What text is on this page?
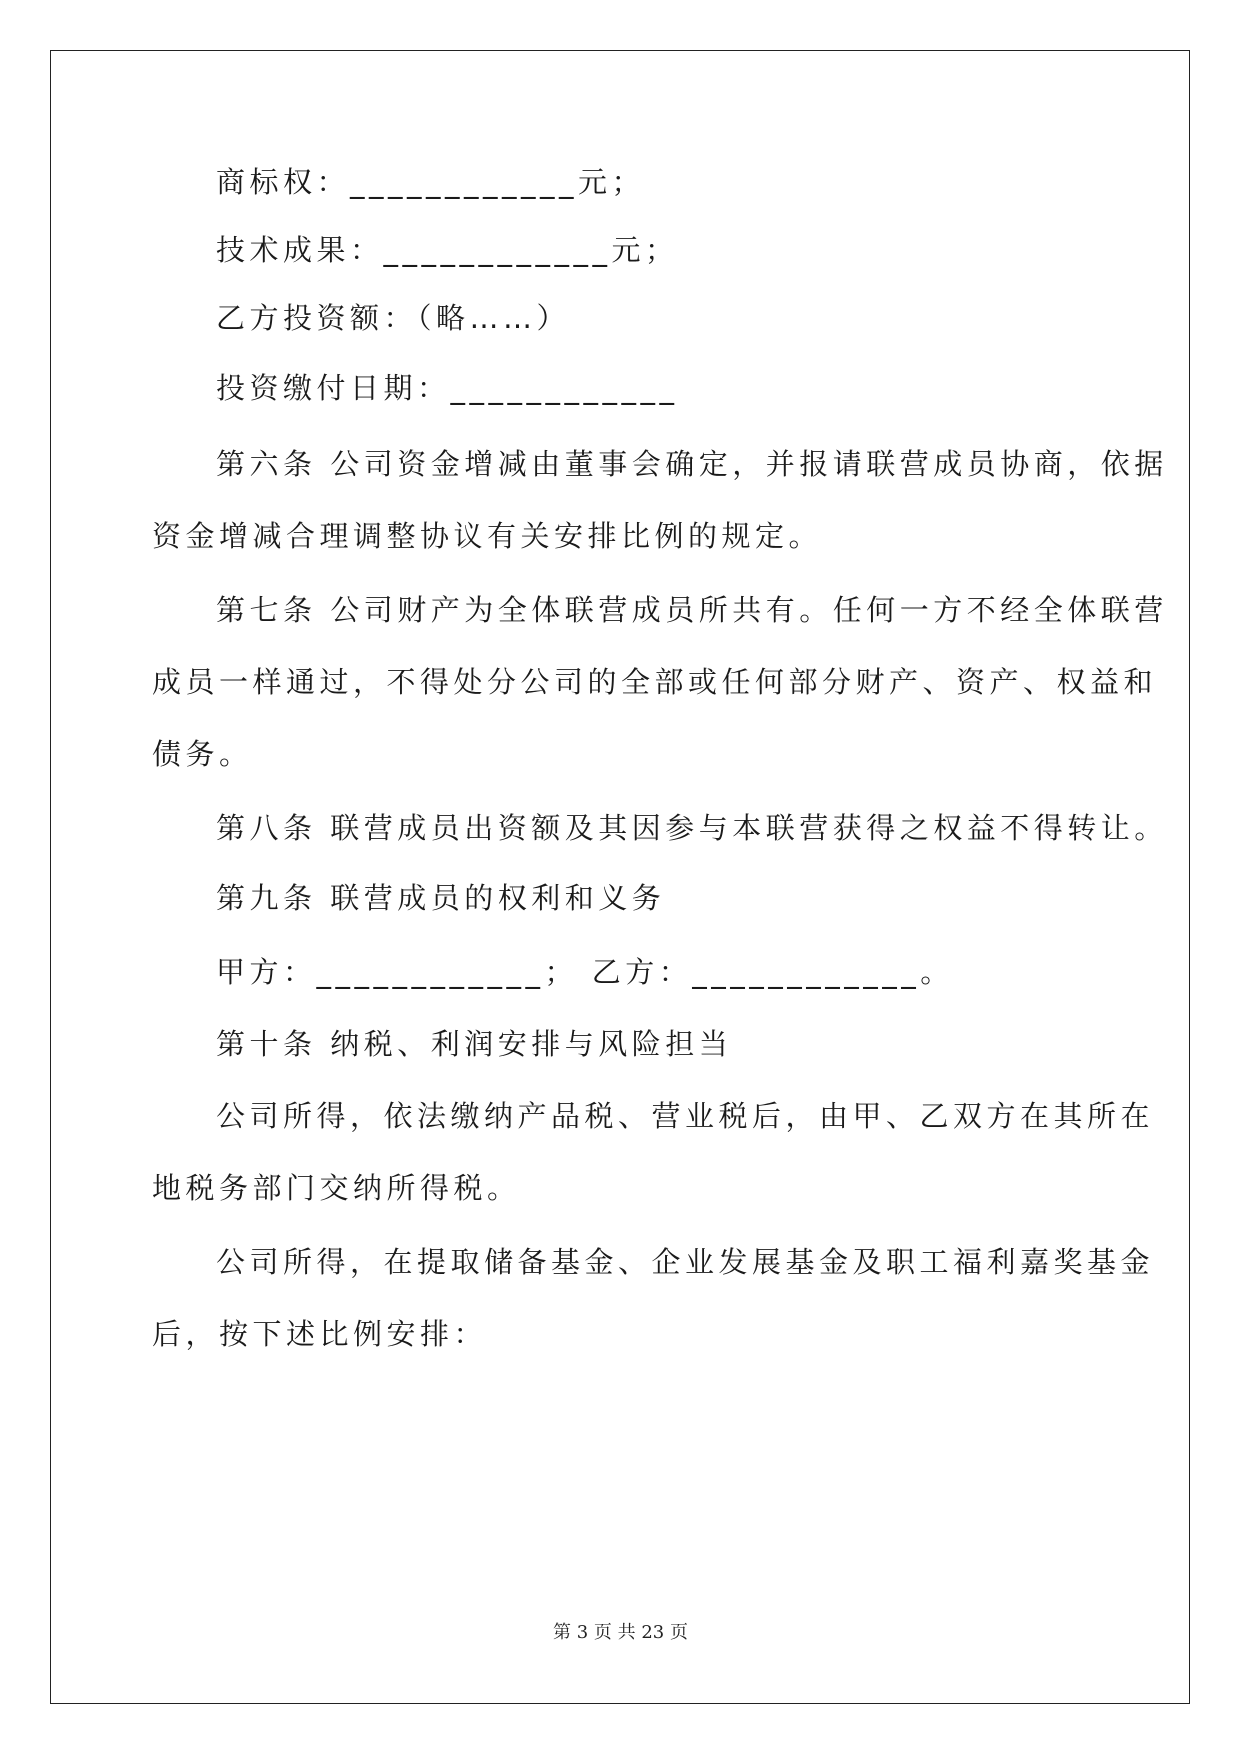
商标权：____________元；
技术成果：____________元；
乙方投资额：（略……）
投资缴付日期：____________
第六条 公司资金增减由董事会确定，并报请联营成员协商，依据
资金增减合理调整协议有关安排比例的规定。
第七条 公司财产为全体联营成员所共有。任何一方不经全体联营
成员一样通过，不得处分公司的全部或任何部分财产、资产、权益和
债务。
第八条 联营成员出资额及其因参与本联营获得之权益不得转让。
第九条 联营成员的权利和义务
甲方：____________； 乙方：____________。
第十条 纳税、利润安排与风险担当
公司所得，依法缴纳产品税、营业税后，由甲、乙双方在其所在
地税务部门交纳所得税。
公司所得，在提取储备基金、企业发展基金及职工福利嘉奖基金
后，按下述比例安排：
第 3 页 共 23 页
